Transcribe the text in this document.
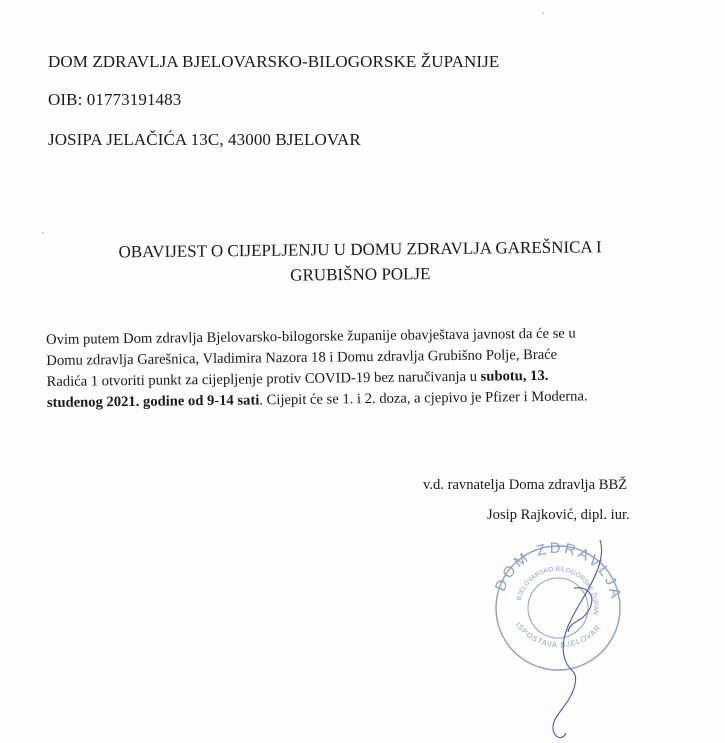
DOM ZDRAVLJA BJELOVARSKO-BILOGORSKE ŽUPANIJE
OIB: 01773191483
JOSIPA JELAČIĆA 13C, 43000 BJELOVAR
OBAVIJEST O CIJEPLJENJU U DOMU ZDRAVLJA GAREŠNICA I
GRUBIŠNO POLJE
Ovim putem Dom zdravlja Bjelovarsko-bilogorske županije obavještava javnost da će se u
Domu zdravlja Garešnica, Vladimira Nazora 18 i Domu zdravlja Grubišno Polje, Braće
Radića 1 otvoriti punkt za cijepljenje protiv COVID-19 bez naručivanja u subotu, 13.
studenog 2021. godine od 9-14 sati. Cijepit će se 1. i 2. doza, a cjepivo je Pfizer i Moderna.
v.d. ravnatelja Doma zdravlja BBŽ
Josip Rajković, dipl. iur.
DOM ZDRAVLJA
BJELOVARSKO-BILOGORSKE ŽUPANIJE
ISPOSTAVA BJELOVAR
